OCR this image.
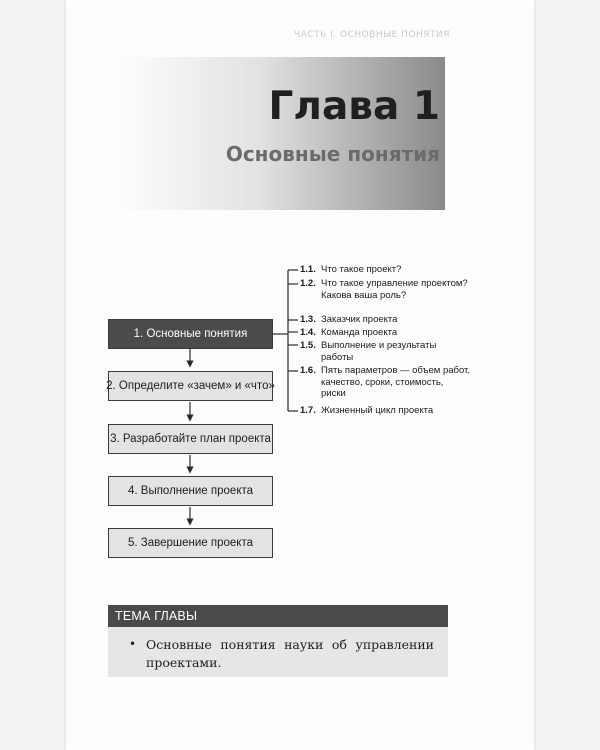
ЧАСТЬ I. ОСНОВНЫЕ ПОНЯТИЯ
Глава 1
Основные понятия
1. Основные понятия
2. Определите «зачем» и «что»
3. Разработайте план проекта
4. Выполнение проекта
5. Завершение проекта
1.1. Что такое проект?
1.2. Что такое управление проектом? Какова ваша роль?
1.3. Заказчик проекта
1.4. Команда проекта
1.5. Выполнение и результаты работы
1.6. Пять параметров — объем работ, качество, сроки, стоимость, риски
1.7. Жизненный цикл проекта
ТЕМА ГЛАВЫ
• Основные понятия науки об управлении проектами.
